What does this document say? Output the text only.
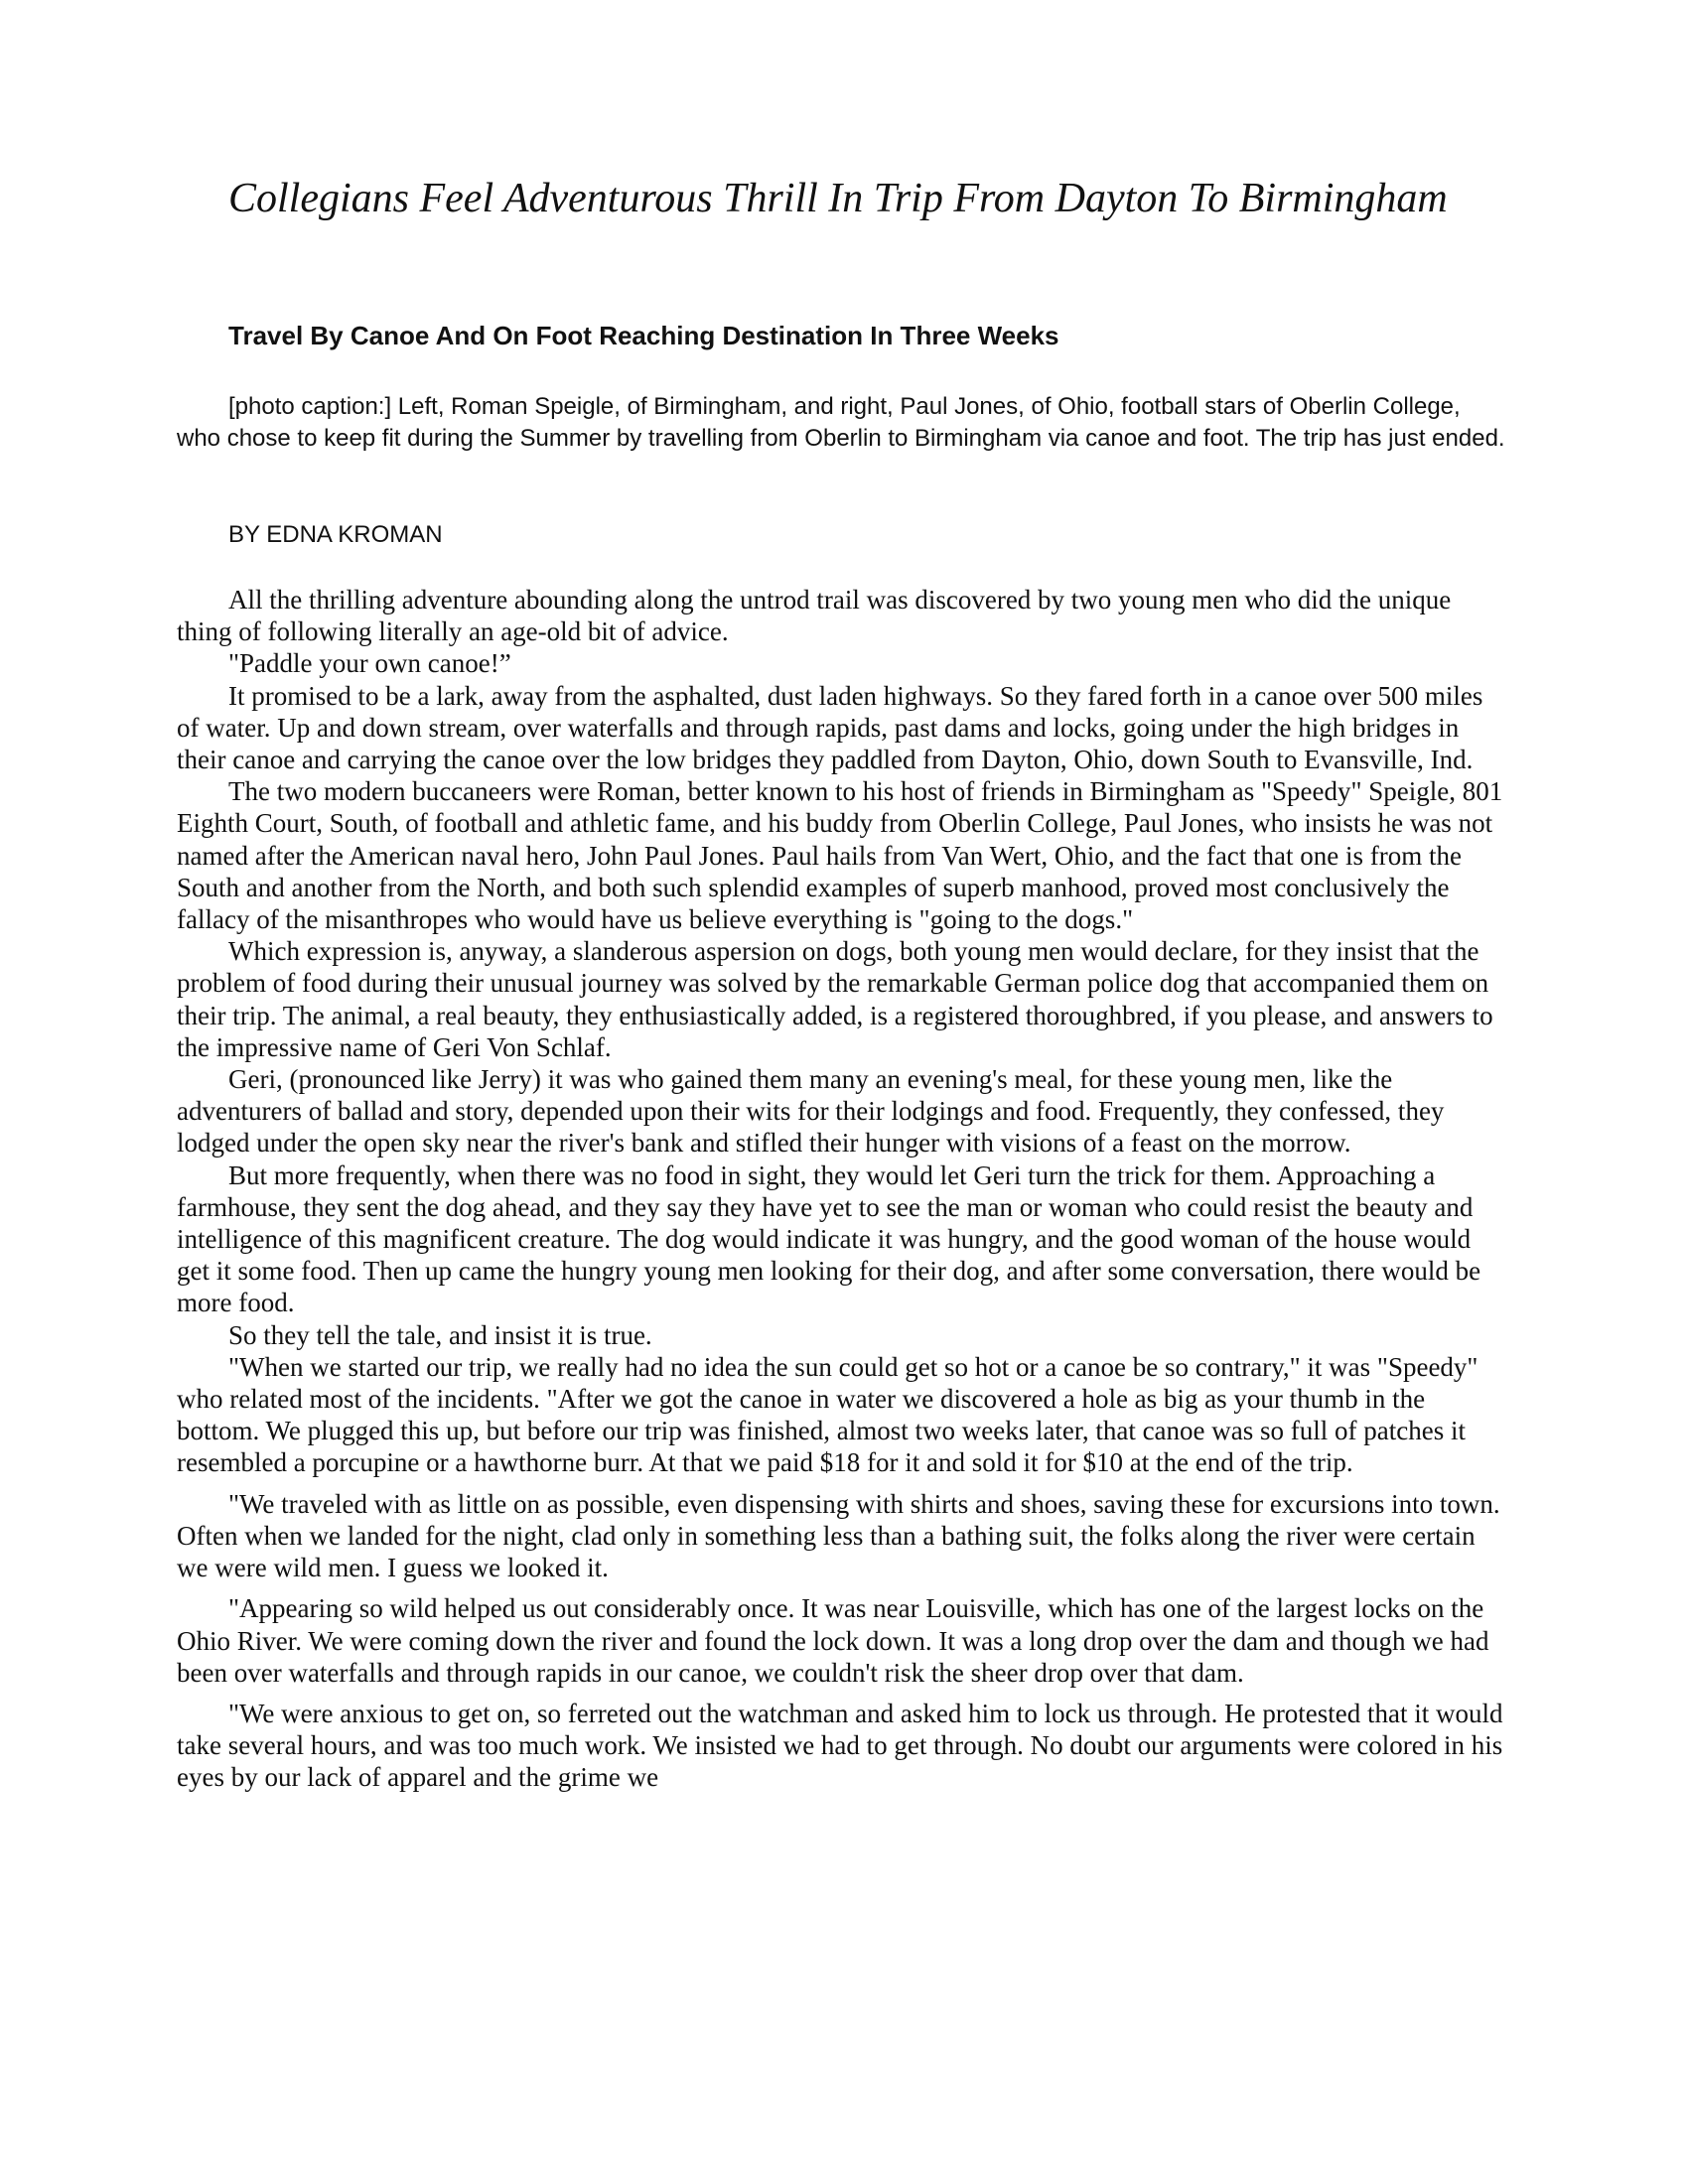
Collegians Feel Adventurous Thrill In Trip From Dayton To Birmingham
Travel By Canoe And On Foot Reaching Destination In Three Weeks

[photo caption:] Left, Roman Speigle, of Birmingham, and right, Paul Jones, of Ohio, football stars of Oberlin College, who chose to keep fit during the Summer by travelling from Oberlin to Birmingham via canoe and foot. The trip has just ended.

BY EDNA KROMAN

All the thrilling adventure abounding along the untrod trail was discovered by two young men who did the unique thing of following literally an age-old bit of advice.

"Paddle your own canoe!”

It promised to be a lark, away from the asphalted, dust laden highways. So they fared forth in a canoe over 500 miles of water. Up and down stream, over waterfalls and through rapids, past dams and locks, going under the high bridges in their canoe and carrying the canoe over the low bridges they paddled from Dayton, Ohio, down South to Evansville, Ind.

The two modern buccaneers were Roman, better known to his host of friends in Birmingham as "Speedy" Speigle, 801 Eighth Court, South, of football and athletic fame, and his buddy from Oberlin College, Paul Jones, who insists he was not named after the American naval hero, John Paul Jones. Paul hails from Van Wert, Ohio, and the fact that one is from the South and another from the North, and both such splendid examples of superb manhood, proved most conclusively the fallacy of the misanthropes who would have us believe everything is "going to the dogs."

Which expression is, anyway, a slanderous aspersion on dogs, both young men would declare, for they insist that the problem of food during their unusual journey was solved by the remarkable German police dog that accompanied them on their trip. The animal, a real beauty, they enthusiastically added, is a registered thoroughbred, if you please, and answers to the impressive name of Geri Von Schlaf.

Geri, (pronounced like Jerry) it was who gained them many an evening's meal, for these young men, like the adventurers of ballad and story, depended upon their wits for their lodgings and food. Frequently, they confessed, they lodged under the open sky near the river's bank and stifled their hunger with visions of a feast on the morrow.

But more frequently, when there was no food in sight, they would let Geri turn the trick for them. Approaching a farmhouse, they sent the dog ahead, and they say they have yet to see the man or woman who could resist the beauty and intelligence of this magnificent creature. The dog would indicate it was hungry, and the good woman of the house would get it some food. Then up came the hungry young men looking for their dog, and after some conversation, there would be more food.

So they tell the tale, and insist it is true.

"When we started our trip, we really had no idea the sun could get so hot or a canoe be so contrary," it was "Speedy" who related most of the incidents. "After we got the canoe in water we discovered a hole as big as your thumb in the bottom. We plugged this up, but before our trip was finished, almost two weeks later, that canoe was so full of patches it resembled a porcupine or a hawthorne burr. At that we paid $18 for it and sold it for $10 at the end of the trip.

"We traveled with as little on as possible, even dispensing with shirts and shoes, saving these for excursions into town. Often when we landed for the night, clad only in something less than a bathing suit, the folks along the river were certain we were wild men. I guess we looked it.

"Appearing so wild helped us out considerably once. It was near Louisville, which has one of the largest locks on the Ohio River. We were coming down the river and found the lock down. It was a long drop over the dam and though we had been over waterfalls and through rapids in our canoe, we couldn't risk the sheer drop over that dam.

"We were anxious to get on, so ferreted out the watchman and asked him to lock us through. He protested that it would take several hours, and was too much work. We insisted we had to get through. No doubt our arguments were colored in his eyes by our lack of apparel and the grime we
